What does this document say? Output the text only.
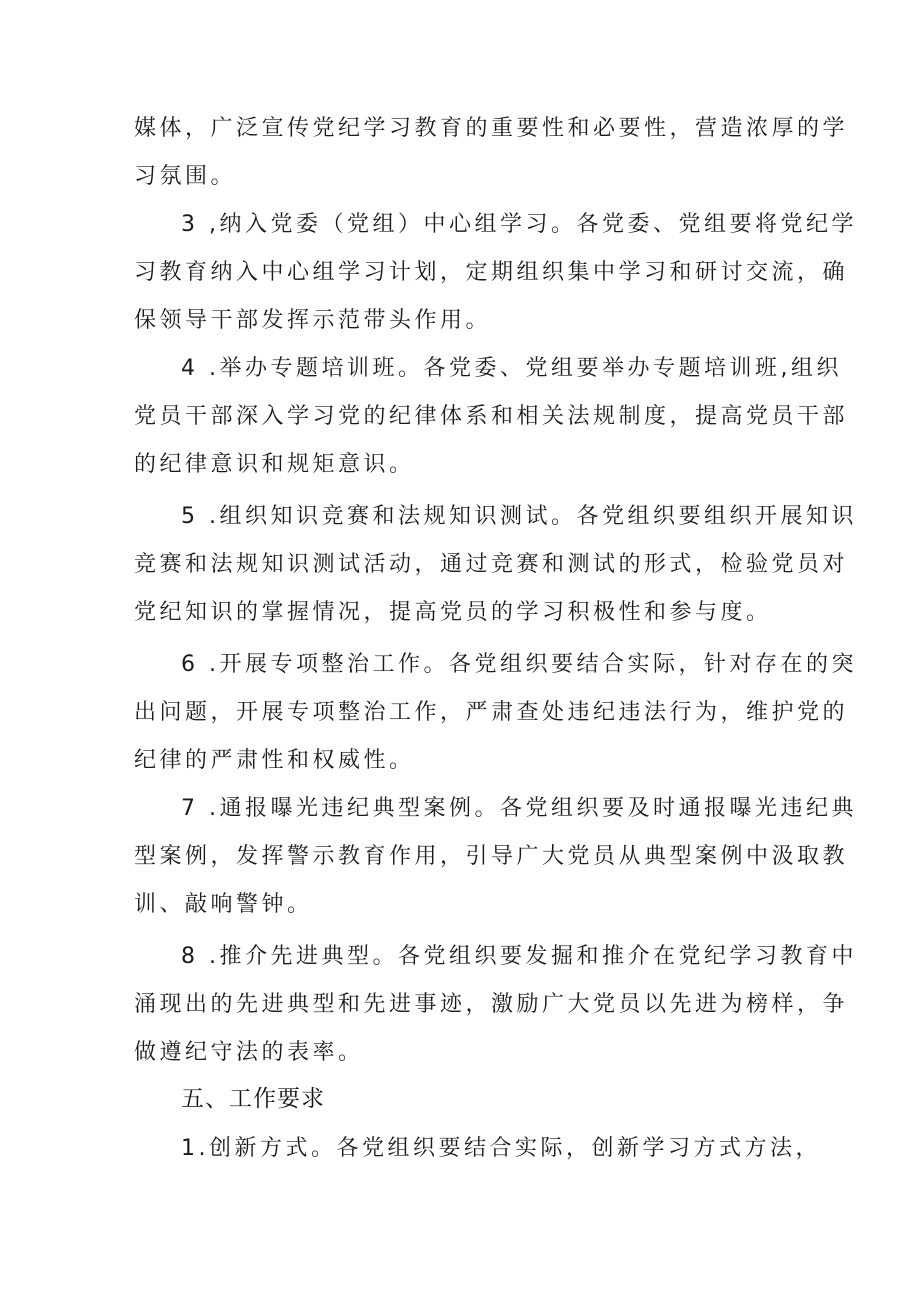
媒体，广泛宣传党纪学习教育的重要性和必要性，营造浓厚的学

习氛围。

3 ,纳入党委（党组）中心组学习。各党委、党组要将党纪学

习教育纳入中心组学习计划，定期组织集中学习和研讨交流，确

保领导干部发挥示范带头作用。

4 .举办专题培训班。各党委、党组要举办专题培训班,组织

党员干部深入学习党的纪律体系和相关法规制度，提高党员干部

的纪律意识和规矩意识。

5 .组织知识竞赛和法规知识测试。各党组织要组织开展知识

竞赛和法规知识测试活动，通过竞赛和测试的形式，检验党员对

党纪知识的掌握情况，提高党员的学习积极性和参与度。

6 .开展专项整治工作。各党组织要结合实际，针对存在的突

出问题，开展专项整治工作，严肃查处违纪违法行为，维护党的

纪律的严肃性和权威性。

7 .通报曝光违纪典型案例。各党组织要及时通报曝光违纪典

型案例，发挥警示教育作用，引导广大党员从典型案例中汲取教

训、敲响警钟。

8 .推介先进典型。各党组织要发掘和推介在党纪学习教育中

涌现出的先进典型和先进事迹，激励广大党员以先进为榜样，争

做遵纪守法的表率。

五、工作要求

1.创新方式。各党组织要结合实际，创新学习方式方法，
